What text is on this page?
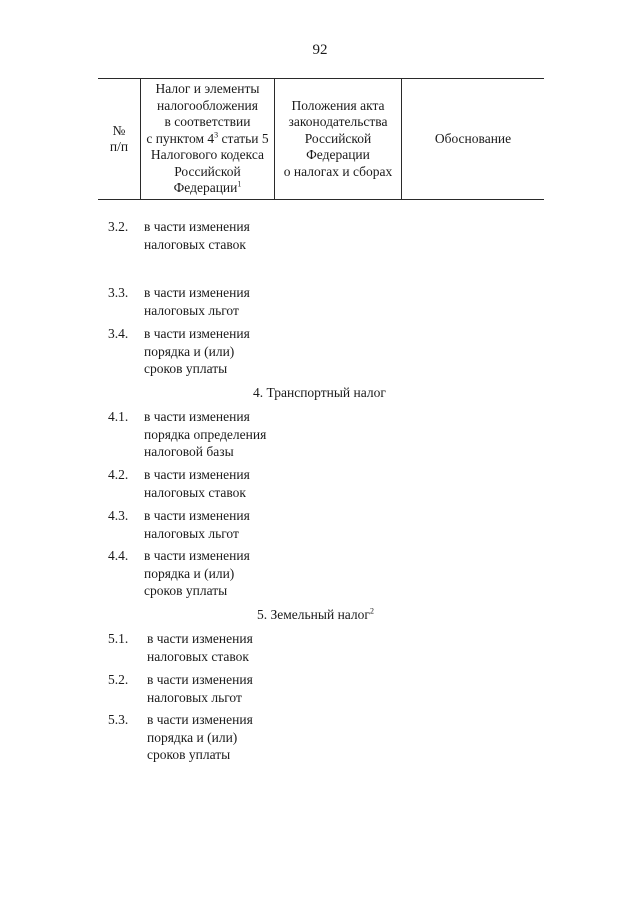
92
№
п/п
Налог и элементы
налогообложения
в соответствии
с пунктом $4^3$ статьи 5
Налогового кодекса
Российской
Федерации$^1$
Положения акта
законодательства
Российской
Федерации
о налогах и сборах
Обоснование
3.2. в части изменения
налоговых ставок
3.3. в части изменения
налоговых льгот
3.4. в части изменения
порядка и (или)
сроков уплаты
4. Транспортный налог
4.1. в части изменения
порядка определения
налоговой базы
4.2. в части изменения
налоговых ставок
4.3. в части изменения
налоговых льгот
4.4. в части изменения
порядка и (или)
сроков уплаты
5. Земельный налог$^2$
5.1. в части изменения
налоговых ставок
5.2. в части изменения
налоговых льгот
5.3. в части изменения
порядка и (или)
сроков уплаты
